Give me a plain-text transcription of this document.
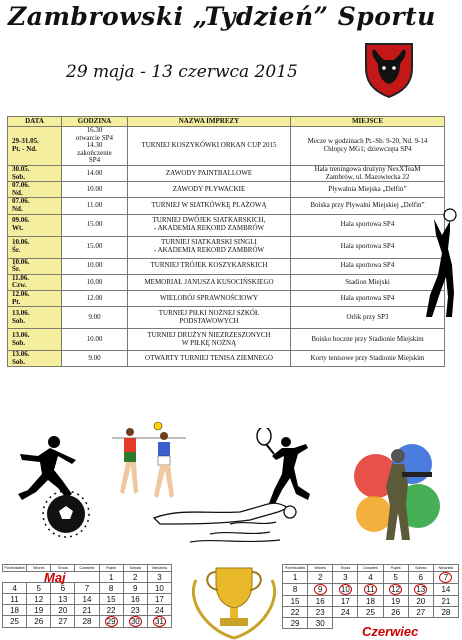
Zambrowski „Tydzień” Sportu
29 maja - 13 czerwca 2015
DATA	GODZINA	NAZWA IMPREZY	MIEJSCE
29-31.05.
Pt. - Nd.	16.30
otwarcie SP4
14.30
zakończenie
SP4	TURNIEJ KOSZYKÓWKI ORKAN CUP 2015	Mecze w godzinach Pt.-Sb. 9-20, Nd. 9-14
Chłopcy MG1; dziewczęta SP4
30.05.
Sob.	14.00	ZAWODY PAINTBALLOWE	Hala treningowa drużyny NexXTeaM
Zambrów, ul. Mazowiecka 22
07.06.
Nd.	10.00	ZAWODY PŁYWACKIE	Pływalnia Miejska „Delfin”
07.06.
Nd.	11.00	TURNIEJ W SIATKÓWKĘ PLAŻOWĄ	Boiska przy Pływalni Miejskiej „Delfin”
09.06.
Wt.	15.00	TURNIEJ DWÓJEK SIATKARSKICH,
- AKADEMIA REKORD ZAMBRÓW	Hala sportowa SP4
10.06.
Śr.	15.00	TURNIEJ SIATKARSKI SINGLI
- AKADEMIA REKORD ZAMBRÓW	Hala sportowa SP4
10.06.
Śr.	10.00	TURNIEJ TRÓJEK KOSZYKARSKICH	Hala sportowa SP4
11.06.
Czw.	10.00	MEMORIAŁ JANUSZA KUSOCIŃSKIEGO	Stadion Miejski
12.06.
Pt.	12.00	WIELOBÓJ SPRAWNOŚCIOWY	Hala sportowa SP4
13.06.
Sob.	9.00	TURNIEJ PIŁKI NOŻNEJ SZKÓŁ
PODSTAWOWYCH	Orlik przy SP3
13.06.
Sob.	10.00	TURNIEJ DRUŻYN NIEZRZESZONYCH
W PIŁKĘ NOŻNĄ	Boisko boczne przy Stadionie Miejskim
13.06.
Sob.	9.00	OTWARTY TURNIEJ TENISA ZIEMNEGO	Korty tenisowe przy Stadionie Miejskim
Poniedziałek	Wtorek	Środa	Czwartek	Piątek	Sobota	Niedziela
				1	2	3
4	5	6	7	8	9	10
11	12	13	14	15	16	17
18	19	20	21	22	23	24
25	26	27	28	29	30	31
Maj
Poniedziałek	Wtorek	Środa	Czwartek	Piątek	Sobota	Niedziela
1	2	3	4	5	6	7
8	9	10	11	12	13	14
15	16	17	18	19	20	21
22	23	24	25	26	27	28
29	30					
Czerwiec
